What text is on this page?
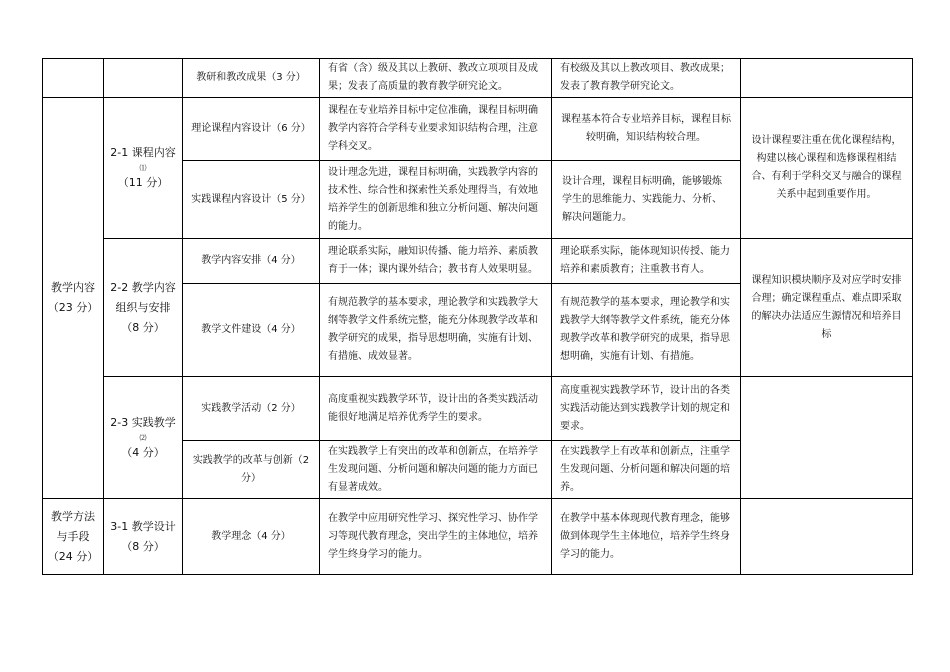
教研和教改成果（3 分）
有省（含）级及其以上教研、教改立项项目及成果；发表了高质量的教育教学研究论文。
有校级及其以上教改项目、教改成果；发表了教育教学研究论文。
教学内容
（23 分）
2-1 课程内容
⑴
（11 分）
理论课程内容设计（6 分）
课程在专业培养目标中定位准确，课程目标明确教学内容符合学科专业要求知识结构合理，注意学科交叉。
课程基本符合专业培养目标，课程目标较明确，知识结构较合理。
实践课程内容设计（5 分）
设计理念先进，课程目标明确，实践教学内容的技术性、综合性和探索性关系处理得当，有效地培养学生的创新思维和独立分析问题、解决问题的能力。
设计合理，课程目标明确，能够锻炼学生的思维能力、实践能力、分析、解决问题能力。
设计课程要注重在优化课程结构，构建以核心课程和选修课程相结合、有利于学科交叉与融合的课程关系中起到重要作用。
2-2 教学内容组织与安排（8 分）
教学内容安排（4 分）
理论联系实际，融知识传播、能力培养、素质教育于一体；课内课外结合；教书育人效果明显。
理论联系实际，能体现知识传授、能力培养和素质教育；注重教书育人。
教学文件建设（4 分）
有规范教学的基本要求，理论教学和实践教学大纲等教学文件系统完整，能充分体现教学改革和教学研究的成果，指导思想明确，实施有计划、有措施、成效显著。
有规范教学的基本要求，理论教学和实践教学大纲等教学文件系统，能充分体现教学改革和教学研究的成果，指导思想明确，实施有计划、有措施。
课程知识模块顺序及对应学时安排合理；确定课程重点、难点即采取的解决办法适应生源情况和培养目标
2-3 实践教学
⑵
（4 分）
实践教学活动（2 分）
高度重视实践教学环节，设计出的各类实践活动能很好地满足培养优秀学生的要求。
高度重视实践教学环节，设计出的各类实践活动能达到实践教学计划的规定和要求。
实践教学的改革与创新（2 分）
在实践教学上有突出的改革和创新点，在培养学生发现问题、分析问题和解决问题的能力方面已有显著成效。
在实践教学上有改革和创新点，注重学生发现问题、分析问题和解决问题的培养。
教学方法与手段（24 分）
3-1 教学设计
（8 分）
教学理念（4 分）
在教学中应用研究性学习、探究性学习、协作学习等现代教育理念，突出学生的主体地位，培养学生终身学习的能力。
在教学中基本体现现代教育理念，能够做到体现学生主体地位，培养学生终身学习的能力。
